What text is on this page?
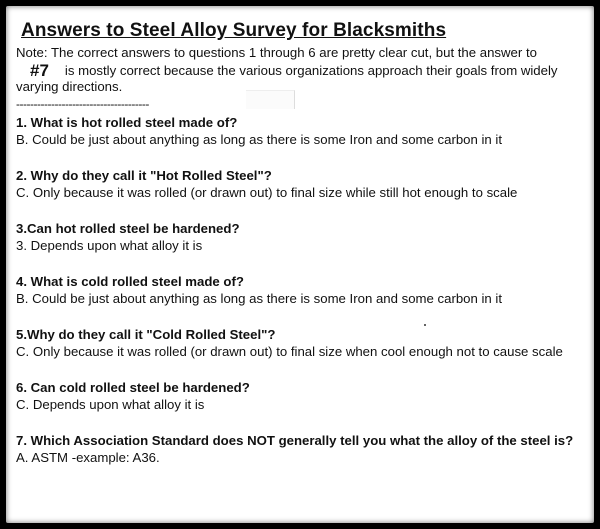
Answers to Steel Alloy Survey for Blacksmiths
Note: The correct answers to questions 1 through 6 are pretty clear cut, but the answer to
#7 is mostly correct because the various organizations approach their goals from widely
varying directions.
--------------------------------------
1. What is hot rolled steel made of?
B. Could be just about anything as long as there is some Iron and some carbon in it
2. Why do they call it "Hot Rolled Steel"?
C. Only because it was rolled (or drawn out) to final size while still hot enough to scale
3.Can hot rolled steel be hardened?
3. Depends upon what alloy it is
4. What is cold rolled steel made of?
B. Could be just about anything as long as there is some Iron and some carbon in it
5.Why do they call it "Cold Rolled Steel"?
C. Only because it was rolled (or drawn out) to final size when cool enough not to cause scale
6. Can cold rolled steel be hardened?
C. Depends upon what alloy it is
7. Which Association Standard does NOT generally tell you what the alloy of the steel is?
A. ASTM -example: A36.
